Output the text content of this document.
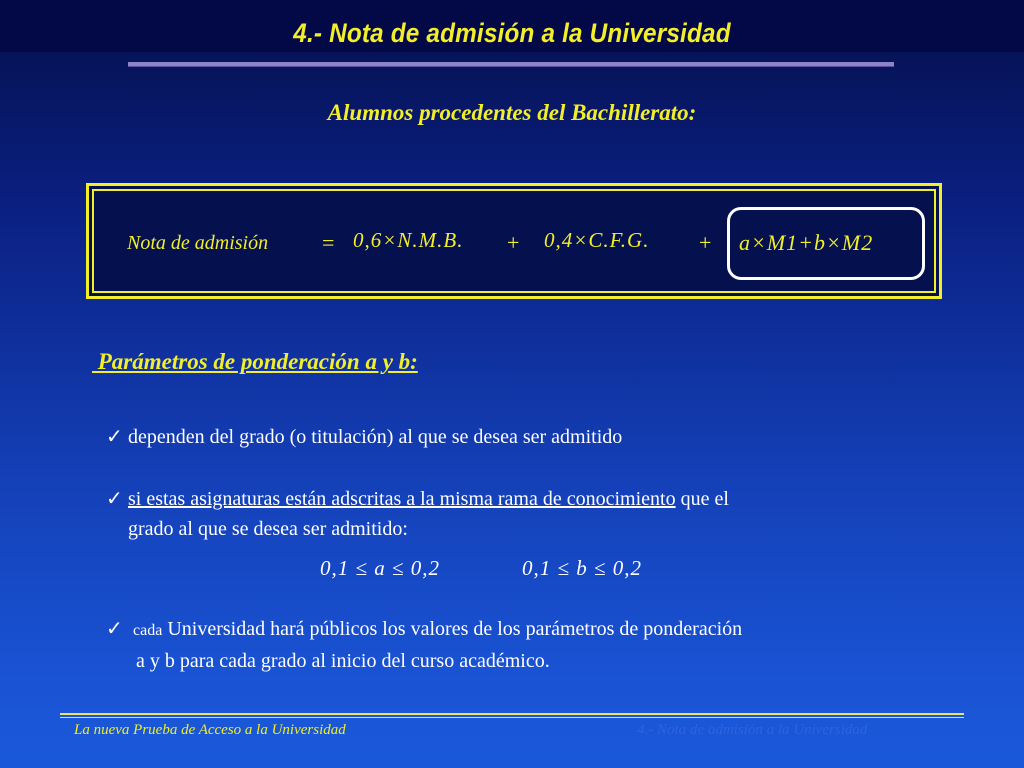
4.- Nota de admisión a la Universidad
Alumnos procedentes del Bachillerato:
Nota de admisión = 0,6×N.M.B. + 0,4×C.F.G. + a×M1+b×M2
Parámetros de ponderación a y b:
✓ dependen del grado (o titulación) al que se desea ser admitido
✓ si estas asignaturas están adscritas a la misma rama de conocimiento que el
grado al que se desea ser admitido:
0,1 ≤ a ≤ 0,2	0,1 ≤ b ≤ 0,2
✓ cada Universidad hará públicos los valores de los parámetros de ponderación
a y b para cada grado al inicio del curso académico.
La nueva Prueba de Acceso a la Universidad	4.- Nota de admisión a la Universidad
